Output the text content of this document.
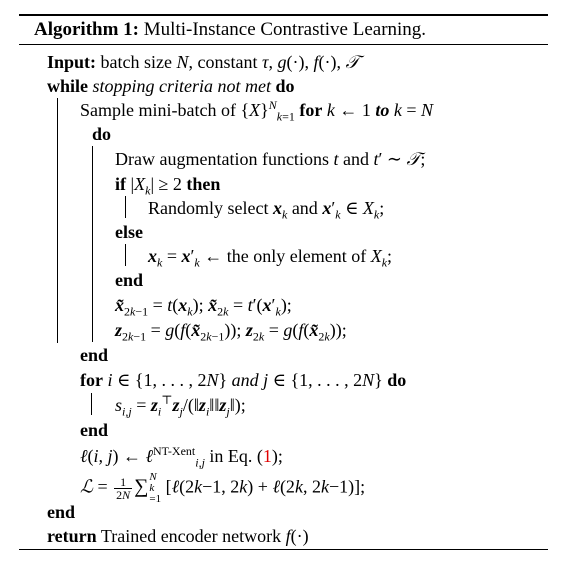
Algorithm 1: Multi-Instance Contrastive Learning.
Input: batch size N, constant τ, g(·), f(·), 𝒯
while stopping criteria not met do
Sample mini-batch of $\{X\}^N_{k=1}$ for k ← 1 to k = N
do
Draw augmentation functions t and t′ ∼ 𝒯;
if $|X_k| \ge 2$ then
Randomly select $x_k$ and $x'_k$ ∈ $X_k$;
else
$x_k = x'_k$ ← the only element of $X_k$;
end
$x̃_{2k-1} = t(x_k)$; $x̃_{2k} = t'(x'_k)$;
$z_{2k-1}$ = $g(f(x̃_{2k-1}))$; $z_{2k}$ = $g(f(x̃_{2k}))$;
end
for i ∈ {1, . . . , 2N} and j ∈ {1, . . . , 2N} do
$s_{i,j}$ = $z_i^⊤z_j/(‖z_i‖‖z_j‖)$;
end
ℓ(i, j) ← ℓ$^{NT-Xent}_{i,j}$ in Eq. (1);
ℒ = $\frac{1}{2N}$ ∑ N
k
=1
[ℓ(2k−1, 2k) + ℓ(2k, 2k−1)];
end
return Trained encoder network f(·)
